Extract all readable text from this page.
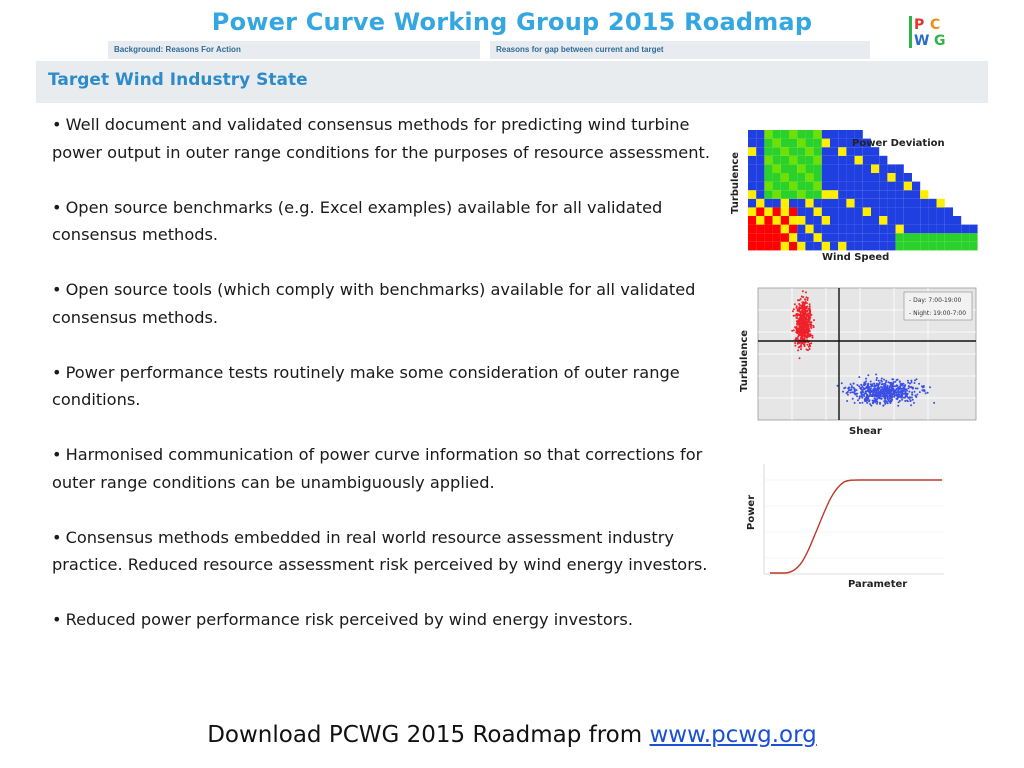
Power Curve Working Group 2015 Roadmap	P C
W G
Background: Reasons For Action	Reasons for gap between current and target
Target Wind Industry State
• Well document and validated consensus methods for predicting wind turbine power output in outer range conditions for the purposes of resource assessment.
• Open source benchmarks (e.g. Excel examples) available for all validated consensus methods.
• Open source tools (which comply with benchmarks) available for all validated consensus methods.
• Power performance tests routinely make some consideration of outer range conditions.
• Harmonised communication of power curve information so that corrections for outer range conditions can be unambiguously applied.
• Consensus methods embedded in real world resource assessment industry practice. Reduced resource assessment risk perceived by wind energy investors.
• Reduced power performance risk perceived by wind energy investors.
Power Deviation
Wind Speed
Turbulence
- Day: 7:00-19:00
- Night: 19:00-7:00
Shear
Turbulence
Parameter
Power
Download PCWG 2015 Roadmap from www.pcwg.org
